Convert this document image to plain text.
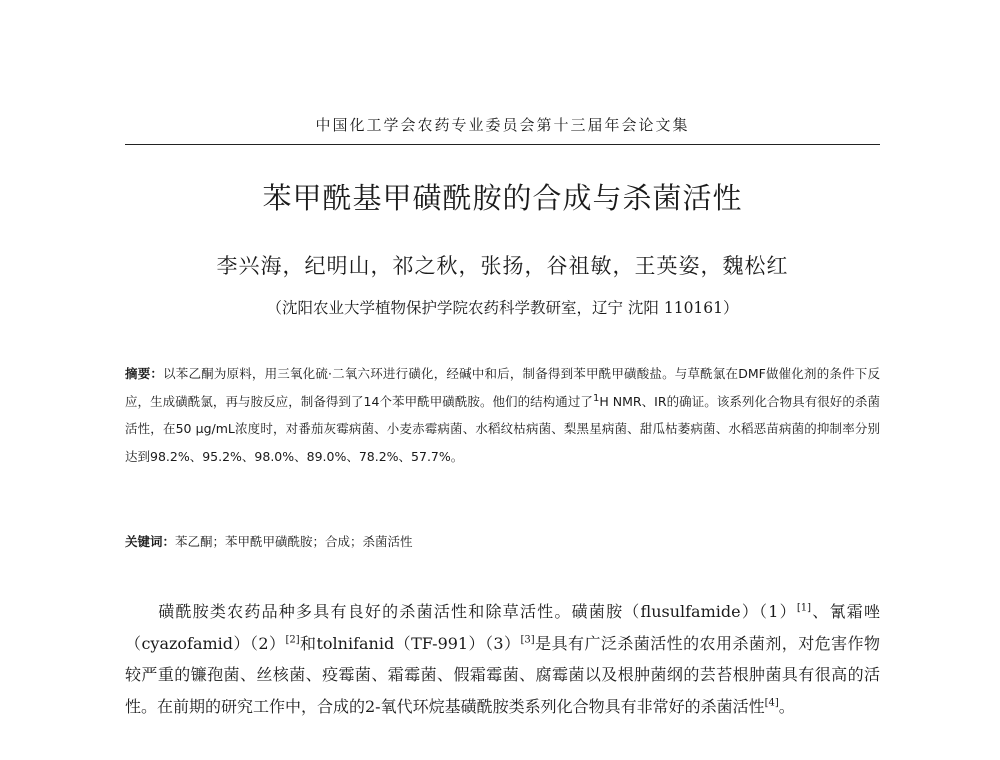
中国化工学会农药专业委员会第十三届年会论文集
苯甲酰基甲磺酰胺的合成与杀菌活性
李兴海，纪明山，祁之秋，张扬，谷祖敏，王英姿，魏松红
（沈阳农业大学植物保护学院农药科学教研室，辽宁 沈阳 110161）
摘要：以苯乙酮为原料，用三氧化硫·二氧六环进行磺化，经碱中和后，制备得到苯甲酰甲磺酸盐。与草酰氯在DMF做催化剂的条件下反应，生成磺酰氯，再与胺反应，制备得到了14个苯甲酰甲磺酰胺。他们的结构通过了$^1$H NMR、IR的确证。该系列化合物具有很好的杀菌活性，在50 μg/mL浓度时，对番茄灰霉病菌、小麦赤霉病菌、水稻纹枯病菌、梨黑星病菌、甜瓜枯萎病菌、水稻恶苗病菌的抑制率分别达到98.2%、95.2%、98.0%、89.0%、78.2%、57.7%。
关键词：苯乙酮；苯甲酰甲磺酰胺；合成；杀菌活性
磺酰胺类农药品种多具有良好的杀菌活性和除草活性。磺菌胺（flusulfamide）（1）[1]、氰霜唑（cyazofamid）（2）[2]和tolnifanid（TF-991）（3）[3]是具有广泛杀菌活性的农用杀菌剂，对危害作物较严重的镰孢菌、丝核菌、疫霉菌、霜霉菌、假霜霉菌、腐霉菌以及根肿菌纲的芸苔根肿菌具有很高的活性。在前期的研究工作中，合成的2-氧代环烷基磺酰胺类系列化合物具有非常好的杀菌活性[4]。
